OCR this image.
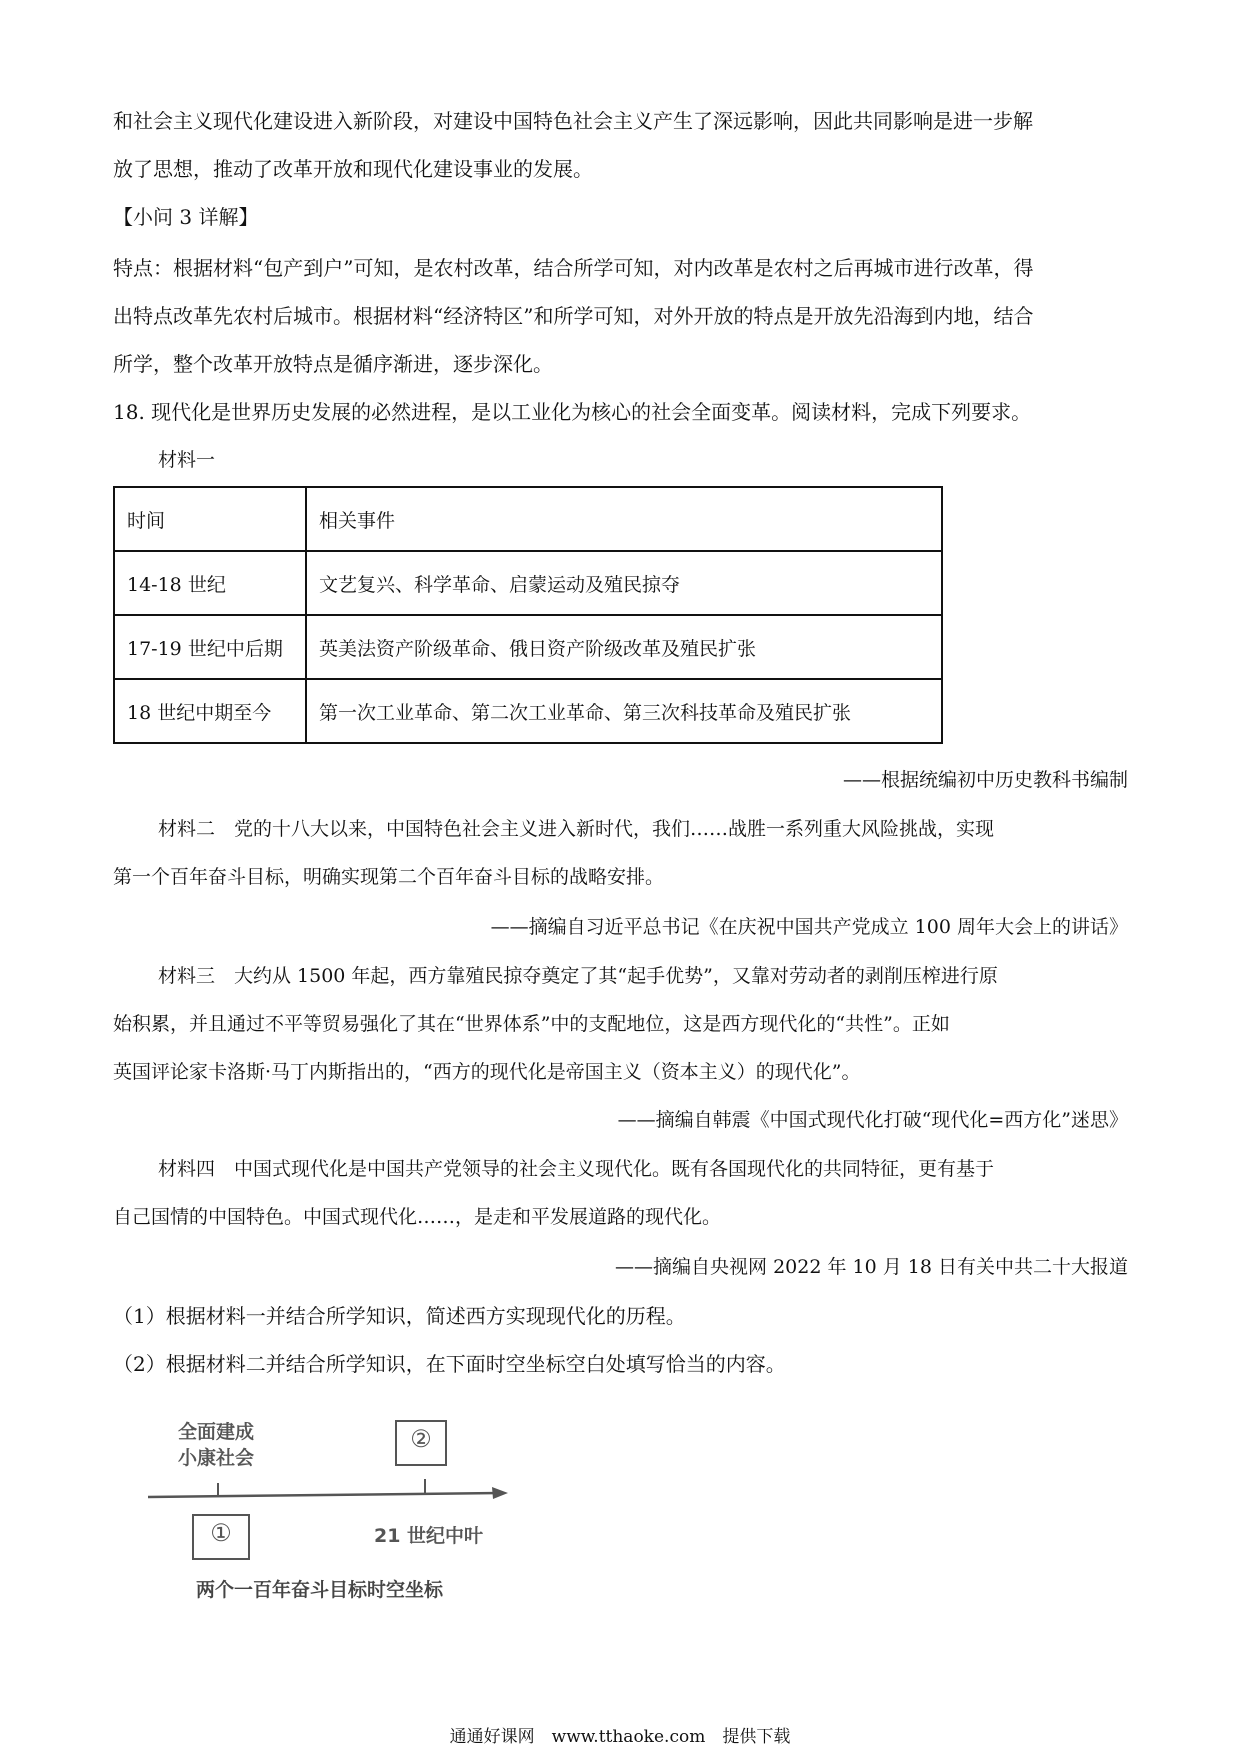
和社会主义现代化建设进入新阶段，对建设中国特色社会主义产生了深远影响，因此共同影响是进一步解
放了思想，推动了改革开放和现代化建设事业的发展。
【小问 3 详解】
特点：根据材料“包产到户”可知，是农村改革，结合所学可知，对内改革是农村之后再城市进行改革，得
出特点改革先农村后城市。根据材料“经济特区”和所学可知，对外开放的特点是开放先沿海到内地，结合
所学，整个改革开放特点是循序渐进，逐步深化。
18. 现代化是世界历史发展的必然进程，是以工业化为核心的社会全面变革。阅读材料，完成下列要求。
材料一
时间	相关事件
14-18 世纪	文艺复兴、科学革命、启蒙运动及殖民掠夺
17-19 世纪中后期	英美法资产阶级革命、俄日资产阶级改革及殖民扩张
18 世纪中期至今	第一次工业革命、第二次工业革命、第三次科技革命及殖民扩张
——根据统编初中历史教科书编制
材料二　党的十八大以来，中国特色社会主义进入新时代，我们……战胜一系列重大风险挑战，实现
第一个百年奋斗目标，明确实现第二个百年奋斗目标的战略安排。
——摘编自习近平总书记《在庆祝中国共产党成立 100 周年大会上的讲话》
材料三　大约从 1500 年起，西方靠殖民掠夺奠定了其“起手优势”，又靠对劳动者的剥削压榨进行原
始积累，并且通过不平等贸易强化了其在“世界体系”中的支配地位，这是西方现代化的“共性”。正如
英国评论家卡洛斯·马丁内斯指出的，“西方的现代化是帝国主义（资本主义）的现代化”。
——摘编自韩震《中国式现代化打破“现代化=西方化”迷思》
材料四　中国式现代化是中国共产党领导的社会主义现代化。既有各国现代化的共同特征，更有基于
自己国情的中国特色。中国式现代化……，是走和平发展道路的现代化。
——摘编自央视网 2022 年 10 月 18 日有关中共二十大报道
（1）根据材料一并结合所学知识，简述西方实现现代化的历程。
（2）根据材料二并结合所学知识，在下面时空坐标空白处填写恰当的内容。
全面建成
小康社会
②
①	21 世纪中叶
两个一百年奋斗目标时空坐标
通通好课网　www.tthaoke.com　提供下载
